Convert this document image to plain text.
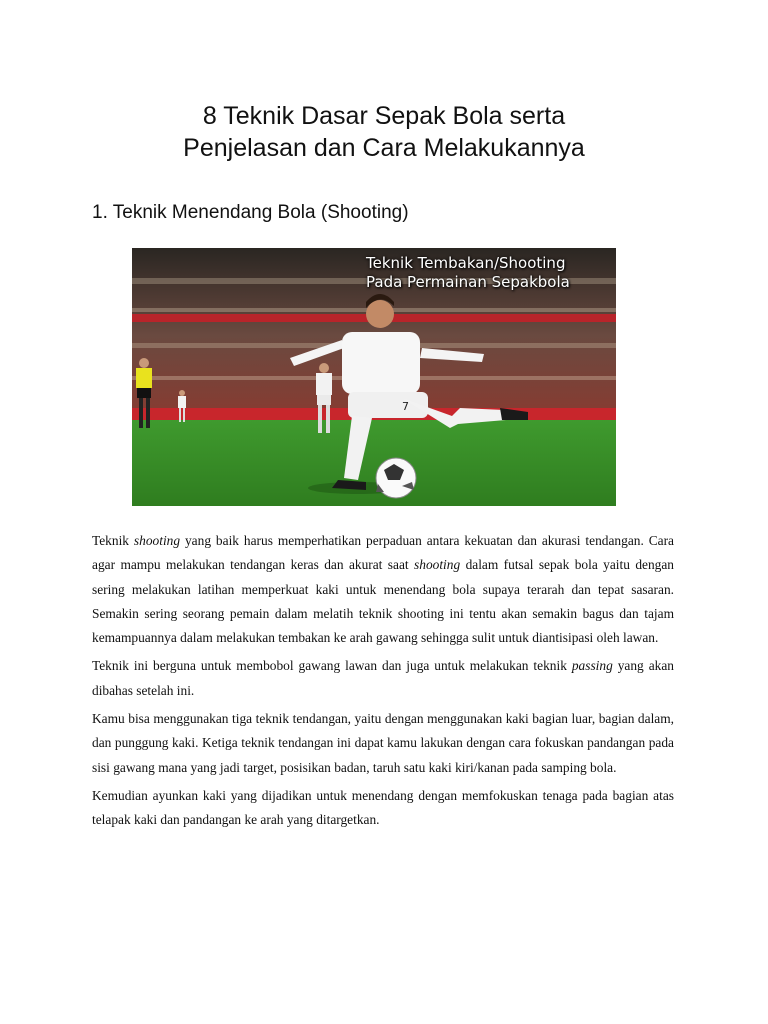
8 Teknik Dasar Sepak Bola serta
Penjelasan dan Cara Melakukannya
1. Teknik Menendang Bola (Shooting)
7
Teknik Tembakan/Shooting
Pada Permainan Sepakbola

Teknik shooting yang baik harus memperhatikan perpaduan antara kekuatan dan akurasi tendangan. Cara agar mampu melakukan tendangan keras dan akurat saat shooting dalam futsal sepak bola yaitu dengan sering melakukan latihan memperkuat kaki untuk menendang bola supaya terarah dan tepat sasaran. Semakin sering seorang pemain dalam melatih teknik shooting ini tentu akan semakin bagus dan tajam kemampuannya dalam melakukan tembakan ke arah gawang sehingga sulit untuk diantisipasi oleh lawan.

Teknik ini berguna untuk membobol gawang lawan dan juga untuk melakukan teknik passing yang akan dibahas setelah ini.

Kamu bisa menggunakan tiga teknik tendangan, yaitu dengan menggunakan kaki bagian luar, bagian dalam, dan punggung kaki. Ketiga teknik tendangan ini dapat kamu lakukan dengan cara fokuskan pandangan pada sisi gawang mana yang jadi target, posisikan badan, taruh satu kaki kiri/kanan pada samping bola.

Kemudian ayunkan kaki yang dijadikan untuk menendang dengan memfokuskan tenaga pada bagian atas telapak kaki dan pandangan ke arah yang ditargetkan.
